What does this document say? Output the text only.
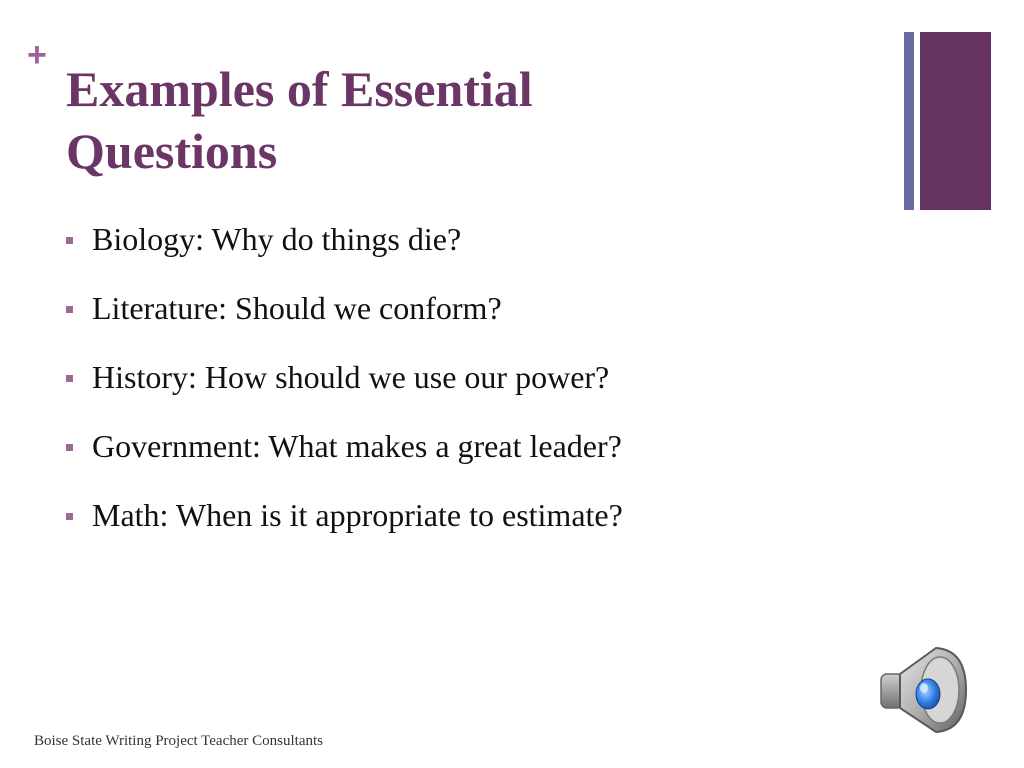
+
Examples of Essential
Questions
Biology: Why do things die?
Literature: Should we conform?
History: How should we use our power?
Government: What makes a great leader?
Math: When is it appropriate to estimate?
Boise State Writing Project Teacher Consultants
